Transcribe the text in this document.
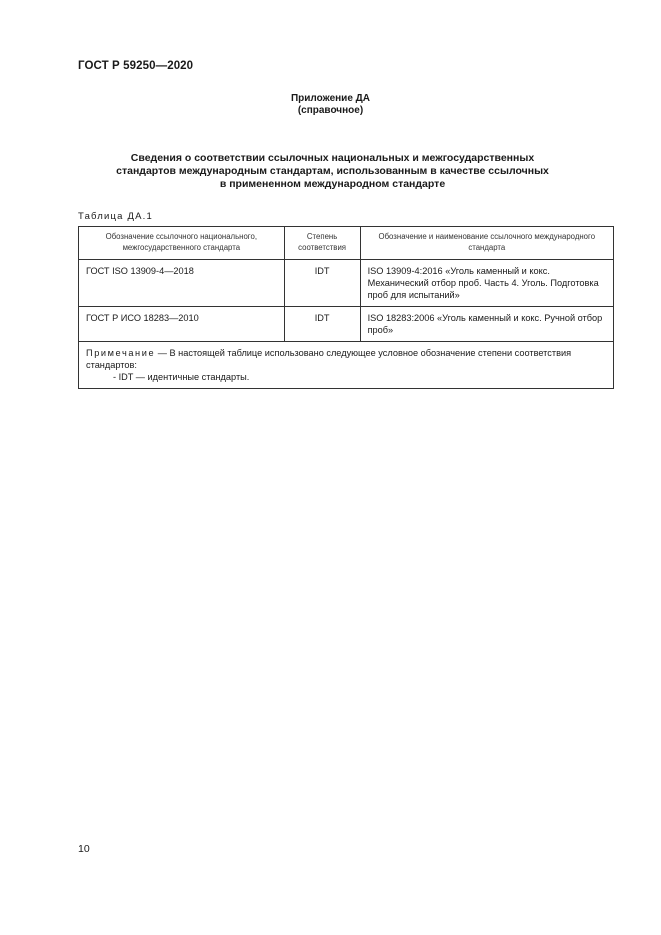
ГОСТ Р 59250—2020
Приложение ДА
(справочное)
Сведения о соответствии ссылочных национальных и межгосударственных
стандартов международным стандартам, использованным в качестве ссылочных
в примененном международном стандарте
Таблица ДА.1
Обозначение ссылочного национального, межгосударственного стандарта	Степень соответствия	Обозначение и наименование ссылочного международного стандарта
ГОСТ ISO 13909-4—2018	IDT	ISO 13909-4:2016 «Уголь каменный и кокс. Механический отбор проб. Часть 4. Уголь. Подготовка проб для испытаний»
ГОСТ Р ИСО 18283—2010	IDT	ISO 18283:2006 «Уголь каменный и кокс. Ручной отбор проб»
Примечание — В настоящей таблице использовано следующее условное обозначение степени соответствия стандартов:
- IDT — идентичные стандарты.		
10
